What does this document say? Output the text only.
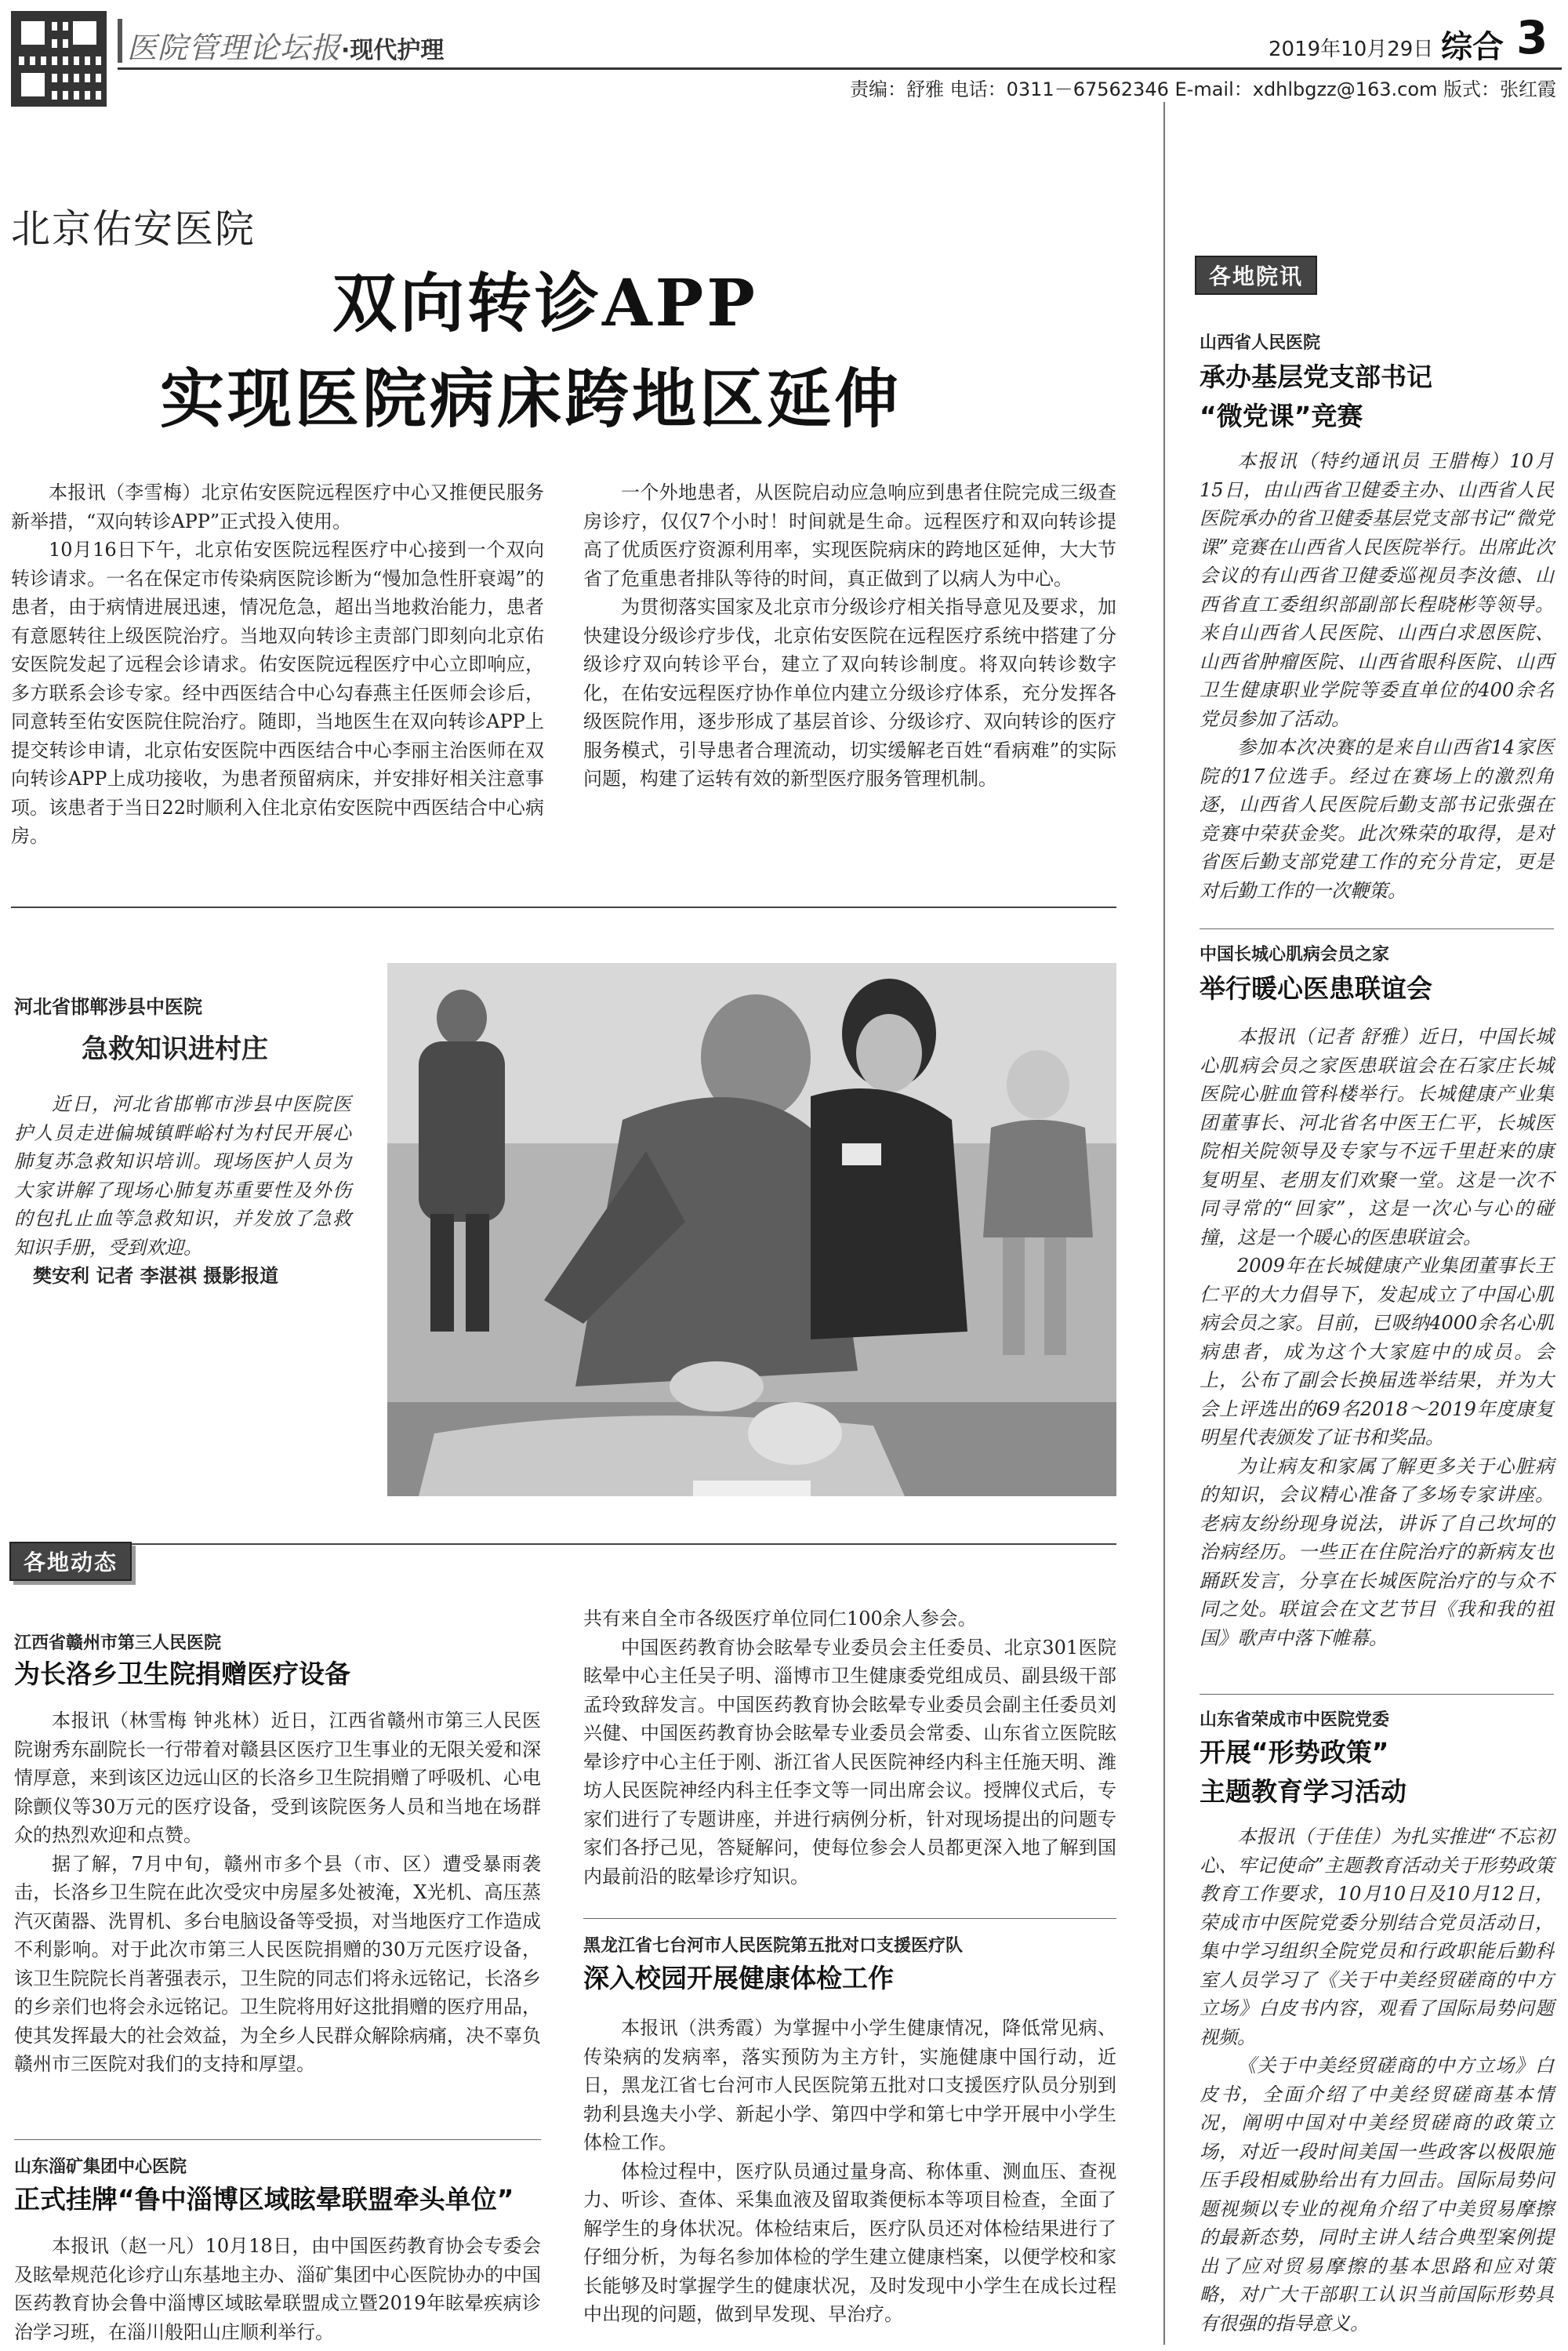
医院管理论坛报 ·现代护理	2019年10月29日 综合 3
责编：舒雅 电话：0311－67562346 E-mail：xdhlbgzz@163.com 版式：张红霞
北京佑安医院
双向转诊APP
实现医院病床跨地区延伸

本报讯（李雪梅）北京佑安医院远程医疗中心又推便民服务新举措，“双向转诊APP”正式投入使用。

10月16日下午，北京佑安医院远程医疗中心接到一个双向转诊请求。一名在保定市传染病医院诊断为“慢加急性肝衰竭”的患者，由于病情进展迅速，情况危急，超出当地救治能力，患者有意愿转往上级医院治疗。当地双向转诊主责部门即刻向北京佑安医院发起了远程会诊请求。佑安医院远程医疗中心立即响应，多方联系会诊专家。经中西医结合中心勾春燕主任医师会诊后，同意转至佑安医院住院治疗。随即，当地医生在双向转诊APP上提交转诊申请，北京佑安医院中西医结合中心李丽主治医师在双向转诊APP上成功接收，为患者预留病床，并安排好相关注意事项。该患者于当日22时顺利入住北京佑安医院中西医结合中心病房。

一个外地患者，从医院启动应急响应到患者住院完成三级查房诊疗，仅仅7个小时！时间就是生命。远程医疗和双向转诊提高了优质医疗资源利用率，实现医院病床的跨地区延伸，大大节省了危重患者排队等待的时间，真正做到了以病人为中心。

为贯彻落实国家及北京市分级诊疗相关指导意见及要求，加快建设分级诊疗步伐，北京佑安医院在远程医疗系统中搭建了分级诊疗双向转诊平台，建立了双向转诊制度。将双向转诊数字化，在佑安远程医疗协作单位内建立分级诊疗体系，充分发挥各级医院作用，逐步形成了基层首诊、分级诊疗、双向转诊的医疗服务模式，引导患者合理流动，切实缓解老百姓“看病难”的实际问题，构建了运转有效的新型医疗服务管理机制。

河北省邯郸涉县中医院
急救知识进村庄

近日，河北省邯郸市涉县中医院医护人员走进偏城镇畔峪村为村民开展心肺复苏急救知识培训。现场医护人员为大家讲解了现场心肺复苏重要性及外伤的包扎止血等急救知识，并发放了急救知识手册，受到欢迎。

樊安利 记者 李湛祺 摄影报道

各地动态
江西省赣州市第三人民医院
为长洛乡卫生院捐赠医疗设备

本报讯（林雪梅 钟兆林）近日，江西省赣州市第三人民医院谢秀东副院长一行带着对赣县区医疗卫生事业的无限关爱和深情厚意，来到该区边远山区的长洛乡卫生院捐赠了呼吸机、心电除颤仪等30万元的医疗设备，受到该院医务人员和当地在场群众的热烈欢迎和点赞。

据了解，7月中旬，赣州市多个县（市、区）遭受暴雨袭击，长洛乡卫生院在此次受灾中房屋多处被淹，X光机、高压蒸汽灭菌器、洗胃机、多台电脑设备等受损，对当地医疗工作造成不利影响。对于此次市第三人民医院捐赠的30万元医疗设备，该卫生院院长肖著强表示，卫生院的同志们将永远铭记，长洛乡的乡亲们也将会永远铭记。卫生院将用好这批捐赠的医疗用品，使其发挥最大的社会效益，为全乡人民群众解除病痛，决不辜负赣州市三医院对我们的支持和厚望。

山东淄矿集团中心医院
正式挂牌“鲁中淄博区域眩晕联盟牵头单位”

本报讯（赵一凡）10月18日，由中国医药教育协会专委会及眩晕规范化诊疗山东基地主办、淄矿集团中心医院协办的中国医药教育协会鲁中淄博区域眩晕联盟成立暨2019年眩晕疾病诊治学习班，在淄川般阳山庄顺利举行。

共有来自全市各级医疗单位同仁100余人参会。

中国医药教育协会眩晕专业委员会主任委员、北京301医院眩晕中心主任吴子明、淄博市卫生健康委党组成员、副县级干部孟玲致辞发言。中国医药教育协会眩晕专业委员会副主任委员刘兴健、中国医药教育协会眩晕专业委员会常委、山东省立医院眩晕诊疗中心主任于刚、浙江省人民医院神经内科主任施天明、潍坊人民医院神经内科主任李文等一同出席会议。授牌仪式后，专家们进行了专题讲座，并进行病例分析，针对现场提出的问题专家们各抒己见，答疑解问，使每位参会人员都更深入地了解到国内最前沿的眩晕诊疗知识。

黑龙江省七台河市人民医院第五批对口支援医疗队
深入校园开展健康体检工作

本报讯（洪秀霞）为掌握中小学生健康情况，降低常见病、传染病的发病率，落实预防为主方针，实施健康中国行动，近日，黑龙江省七台河市人民医院第五批对口支援医疗队员分别到勃利县逸夫小学、新起小学、第四中学和第七中学开展中小学生体检工作。

体检过程中，医疗队员通过量身高、称体重、测血压、查视力、听诊、查体、采集血液及留取粪便标本等项目检查，全面了解学生的身体状况。体检结束后，医疗队员还对体检结果进行了仔细分析，为每名参加体检的学生建立健康档案，以便学校和家长能够及时掌握学生的健康状况，及时发现中小学生在成长过程中出现的问题，做到早发现、早治疗。

各地院讯
山西省人民医院
承办基层党支部书记
“微党课”竞赛

本报讯（特约通讯员 王腊梅）10月15日，由山西省卫健委主办、山西省人民医院承办的省卫健委基层党支部书记“微党课”竞赛在山西省人民医院举行。出席此次会议的有山西省卫健委巡视员李汝德、山西省直工委组织部副部长程晓彬等领导。来自山西省人民医院、山西白求恩医院、山西省肿瘤医院、山西省眼科医院、山西卫生健康职业学院等委直单位的400余名党员参加了活动。

参加本次决赛的是来自山西省14家医院的17位选手。经过在赛场上的激烈角逐，山西省人民医院后勤支部书记张强在竞赛中荣获金奖。此次殊荣的取得，是对省医后勤支部党建工作的充分肯定，更是对后勤工作的一次鞭策。

中国长城心肌病会员之家
举行暖心医患联谊会

本报讯（记者 舒雅）近日，中国长城心肌病会员之家医患联谊会在石家庄长城医院心脏血管科楼举行。长城健康产业集团董事长、河北省名中医王仁平，长城医院相关院领导及专家与不远千里赶来的康复明星、老朋友们欢聚一堂。这是一次不同寻常的“回家”，这是一次心与心的碰撞，这是一个暖心的医患联谊会。

2009年在长城健康产业集团董事长王仁平的大力倡导下，发起成立了中国心肌病会员之家。目前，已吸纳4000余名心肌病患者，成为这个大家庭中的成员。会上，公布了副会长换届选举结果，并为大会上评选出的69名2018～2019年度康复明星代表颁发了证书和奖品。

为让病友和家属了解更多关于心脏病的知识，会议精心准备了多场专家讲座。老病友纷纷现身说法，讲诉了自己坎坷的治病经历。一些正在住院治疗的新病友也踊跃发言，分享在长城医院治疗的与众不同之处。联谊会在文艺节目《我和我的祖国》歌声中落下帷幕。

山东省荣成市中医院党委
开展“形势政策”
主题教育学习活动

本报讯（于佳佳）为扎实推进“不忘初心、牢记使命”主题教育活动关于形势政策教育工作要求，10月10日及10月12日，荣成市中医院党委分别结合党员活动日，集中学习组织全院党员和行政职能后勤科室人员学习了《关于中美经贸磋商的中方立场》白皮书内容，观看了国际局势问题视频。

《关于中美经贸磋商的中方立场》白皮书，全面介绍了中美经贸磋商基本情况，阐明中国对中美经贸磋商的政策立场，对近一段时间美国一些政客以极限施压手段相威胁给出有力回击。国际局势问题视频以专业的视角介绍了中美贸易摩擦的最新态势，同时主讲人结合典型案例提出了应对贸易摩擦的基本思路和应对策略，对广大干部职工认识当前国际形势具有很强的指导意义。
